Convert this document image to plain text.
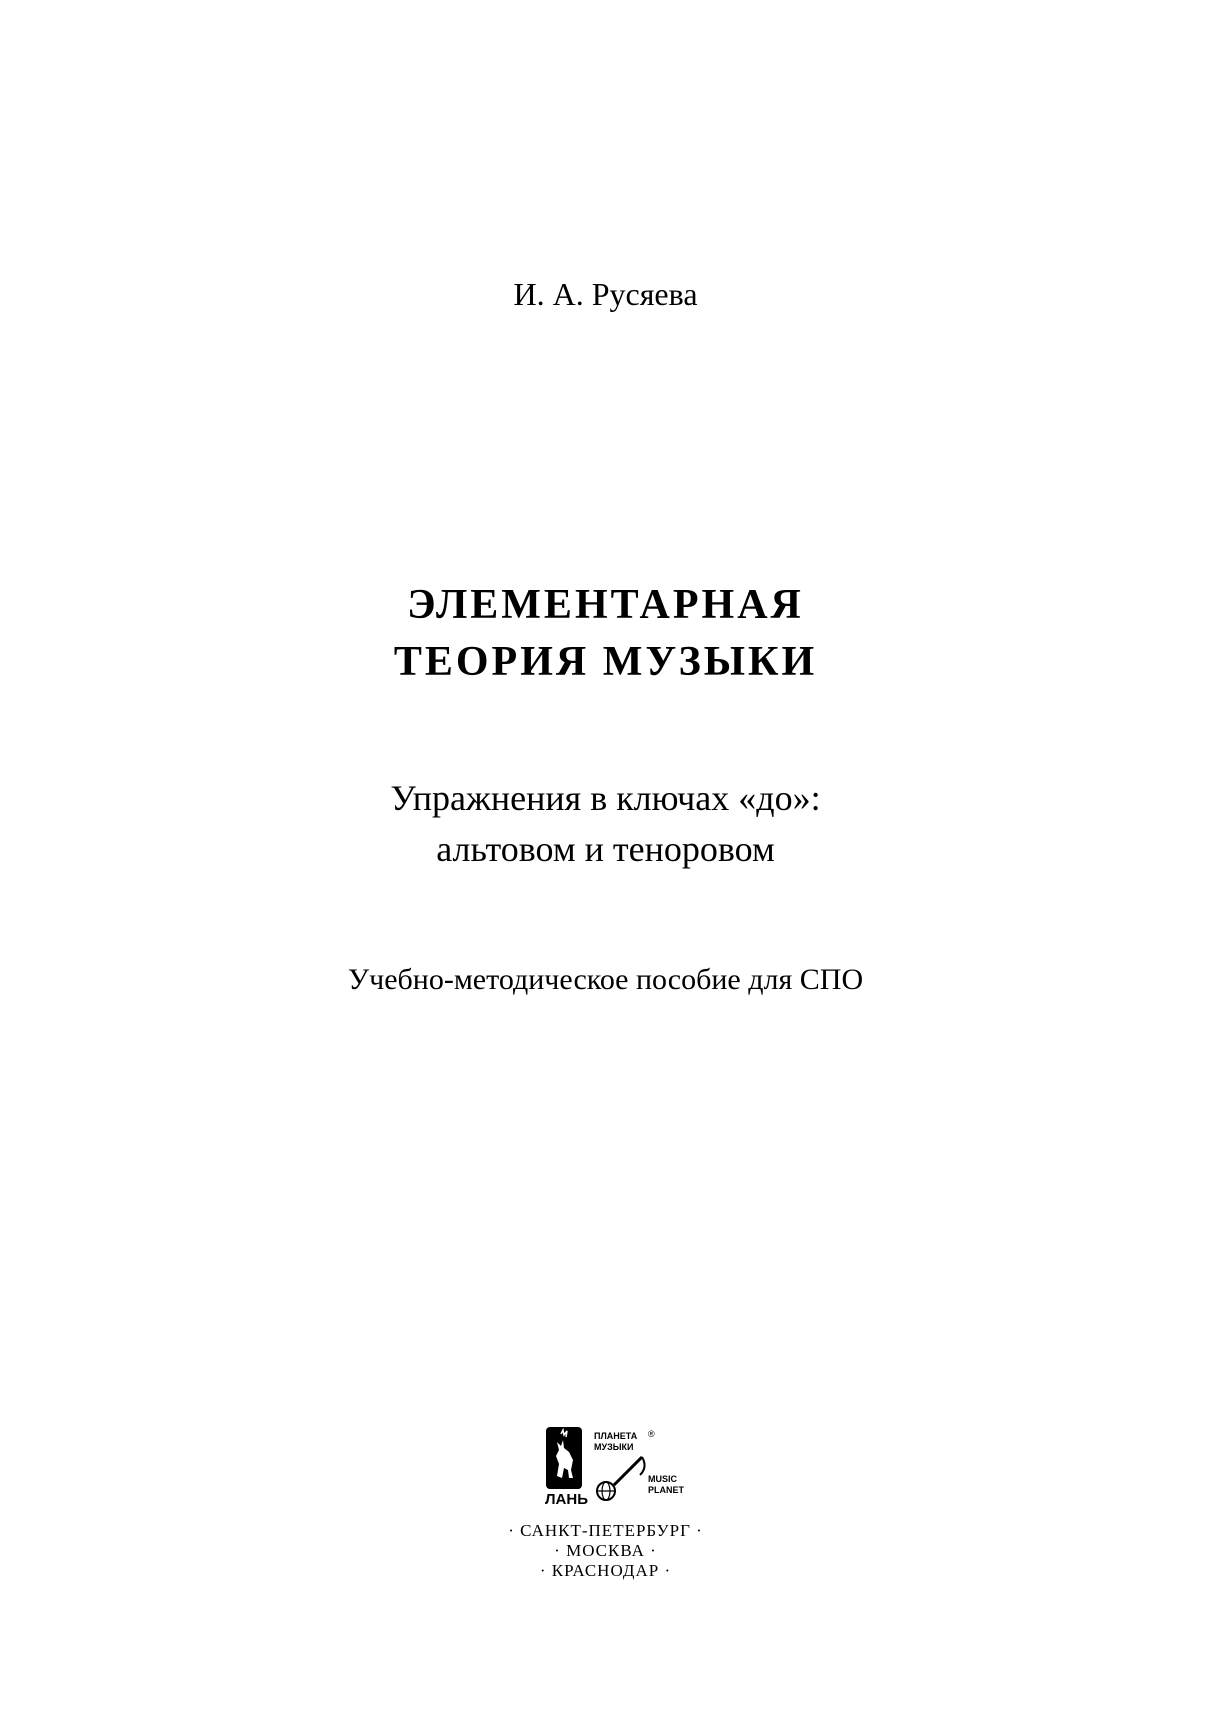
И. А. Русяева
ЭЛЕМЕНТАРНАЯ
ТЕОРИЯ МУЗЫКИ
Упражнения в ключах «до»:
альтовом и теноровом
Учебно-методическое пособие для СПО
ЛАНЬ
ПЛАНЕТА
МУЗЫКИ
®
MUSIC
PLANET
· САНКТ-ПЕТЕРБУРГ ·
· МОСКВА ·
· КРАСНОДАР ·
